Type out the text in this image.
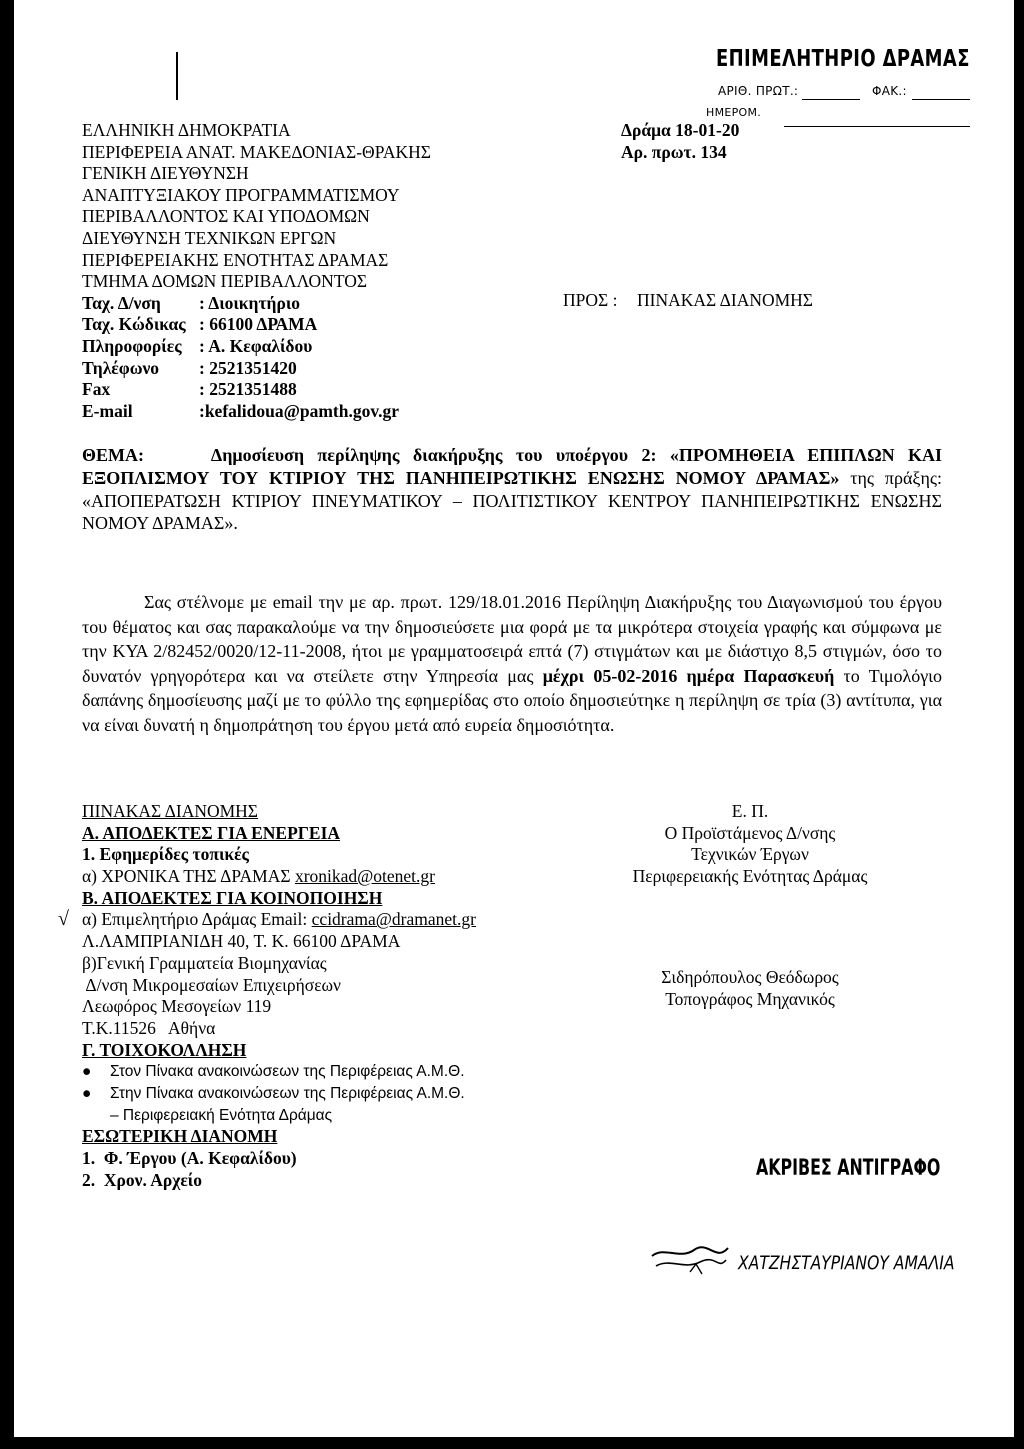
ΕΠΙΜΕΛΗΤΗΡΙΟ ΔΡΑΜΑΣ
ΑΡΙΘ. ΠΡΩΤ.:	ΦΑΚ.:
ΗΜΕΡΟΜ.
ΕΛΛΗΝΙΚΗ ΔΗΜΟΚΡΑΤΙΑ
ΠΕΡΙΦΕΡΕΙΑ ΑΝΑΤ. ΜΑΚΕΔΟΝΙΑΣ-ΘΡΑΚΗΣ
ΓΕΝΙΚΗ ΔΙΕΥΘΥΝΣΗ
ΑΝΑΠΤΥΞΙΑΚΟΥ ΠΡΟΓΡΑΜΜΑΤΙΣΜΟΥ
ΠΕΡΙΒΑΛΛΟΝΤΟΣ ΚΑΙ ΥΠΟΔΟΜΩΝ
ΔΙΕΥΘΥΝΣΗ ΤΕΧΝΙΚΩΝ ΕΡΓΩΝ
ΠΕΡΙΦΕΡΕΙΑΚΗΣ ΕΝΟΤΗΤΑΣ ΔΡΑΜΑΣ
ΤΜΗΜΑ ΔΟΜΩΝ ΠΕΡΙΒΑΛΛΟΝΤΟΣ
Ταχ. Δ/νση : Διοικητήριο
Ταχ. Κώδικας : 66100 ΔΡΑΜΑ
Πληροφορίες : Α. Κεφαλίδου
Τηλέφωνο : 2521351420
Fax	: 2521351488
E-mail	:kefalidoua@pamth.gov.gr
Δράμα 18-01-20
Αρ. πρωτ. 134
ΠΡΟΣ : ΠΙΝΑΚΑΣ ΔΙΑΝΟΜΗΣ
ΘΕΜΑ:	Δημοσίευση περίληψης διακήρυξης του υποέργου 2: «ΠΡΟΜΗΘΕΙΑ ΕΠΙΠΛΩΝ ΚΑΙ ΕΞΟΠΛΙΣΜΟΥ ΤΟΥ ΚΤΙΡΙΟΥ ΤΗΣ ΠΑΝΗΠΕΙΡΩΤΙΚΗΣ ΕΝΩΣΗΣ ΝΟΜΟΥ ΔΡΑΜΑΣ» της πράξης: «ΑΠΟΠΕΡΑΤΩΣΗ ΚΤΙΡΙΟΥ ΠΝΕΥΜΑΤΙΚΟΥ – ΠΟΛΙΤΙΣΤΙΚΟΥ ΚΕΝΤΡΟΥ ΠΑΝΗΠΕΙΡΩΤΙΚΗΣ ΕΝΩΣΗΣ ΝΟΜΟΥ ΔΡΑΜΑΣ».
Σας στέλνομε με email την με αρ. πρωτ. 129/18.01.2016 Περίληψη Διακήρυξης του Διαγωνισμού του έργου του θέματος και σας παρακαλούμε να την δημοσιεύσετε μια φορά με τα μικρότερα στοιχεία γραφής και σύμφωνα με την ΚΥΑ 2/82452/0020/12-11-2008, ήτοι με γραμματοσειρά επτά (7) στιγμάτων και με διάστιχο 8,5 στιγμών, όσο το δυνατόν γρηγορότερα και να στείλετε στην Υπηρεσία μας μέχρι 05-02-2016 ημέρα Παρασκευή το Τιμολόγιο δαπάνης δημοσίευσης μαζί με το φύλλο της εφημερίδας στο οποίο δημοσιεύτηκε η περίληψη σε τρία (3) αντίτυπα, για να είναι δυνατή η δημοπράτηση του έργου μετά από ευρεία δημοσιότητα.
ΠΙΝΑΚΑΣ ΔΙΑΝΟΜΗΣ
Α. ΑΠΟΔΕΚΤΕΣ ΓΙΑ ΕΝΕΡΓΕΙΑ
1. Εφημερίδες τοπικές
α) ΧΡΟΝΙΚΑ ΤΗΣ ΔΡΑΜΑΣ xronikad@otenet.gr
Β. ΑΠΟΔΕΚΤΕΣ ΓΙΑ ΚΟΙΝΟΠΟΙΗΣΗ
√ α) Επιμελητήριο Δράμας Email: ccidrama@dramanet.gr
Λ.ΛΑΜΠΡΙΑΝΙΔΗ 40, Τ. Κ. 66100 ΔΡΑΜΑ
β)Γενική Γραμματεία Βιομηχανίας
Δ/νση Μικρομεσαίων Επιχειρήσεων
Λεωφόρος Μεσογείων 119
Τ.Κ.11526   Αθήνα
Γ. ΤΟΙΧΟΚΟΛΛΗΣΗ
● Στον Πίνακα ανακοινώσεων της Περιφέρειας Α.Μ.Θ.
● Στην Πίνακα ανακοινώσεων της Περιφέρειας Α.Μ.Θ.
– Περιφερειακή Ενότητα Δράμας
ΕΣΩΤΕΡΙΚΗ ΔΙΑΝΟΜΗ
1.  Φ. Έργου (Α. Κεφαλίδου)
2.  Χρον. Αρχείο
Ε. Π.
Ο Προϊστάμενος Δ/νσης
Τεχνικών Έργων
Περιφερειακής Ενότητας Δράμας
Σιδηρόπουλος Θεόδωρος
Τοπογράφος Μηχανικός
ΑΚΡΙΒΕΣ ΑΝΤΙΓΡΑΦΟ
ΧΑΤΖΗΣΤΑΥΡΙΑΝΟΥ ΑΜΑΛΙΑ
